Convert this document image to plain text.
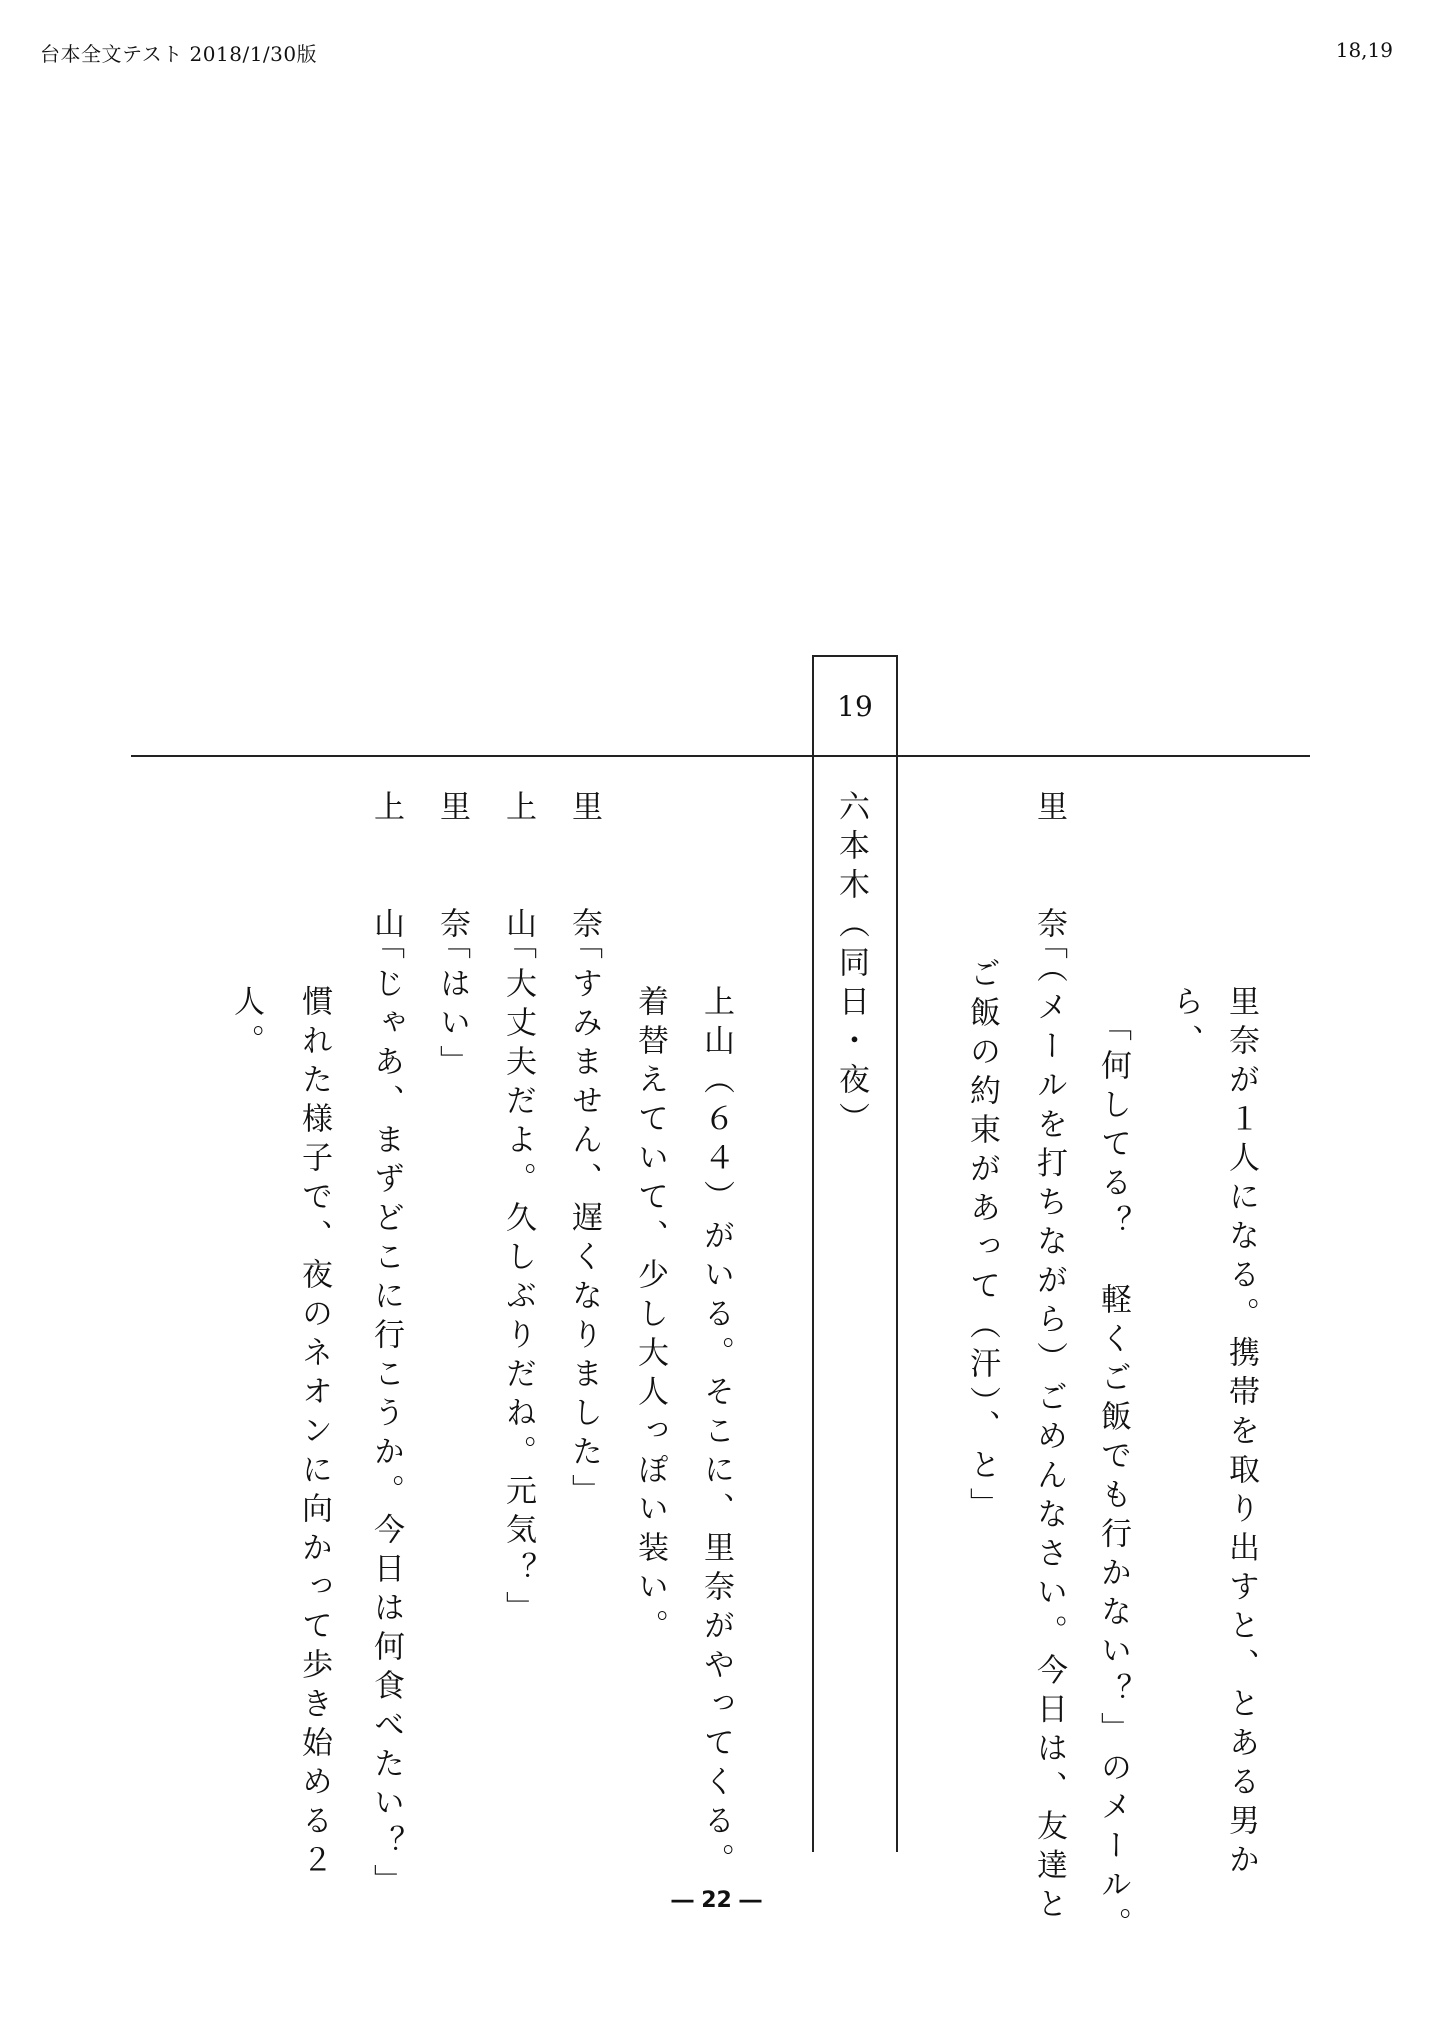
台本全文テスト 2018/1/30版	18,19
19
里奈が１人になる。携帯を取り出すと、とある男か
ら、
「何してる？　軽くご飯でも行かない？」のメール。
里　　奈
「（メールを打ちながら）ごめんなさい。今日は、友達と
ご飯の約束があって（汗）、と」
六本木（同日・夜）
上山（６４）がいる。そこに、里奈がやってくる。
着替えていて、少し大人っぽい装い。
里　　奈
「すみません、遅くなりました」
上　　山
「大丈夫だよ。久しぶりだね。元気？」
里　　奈
「はい」
上　　山
「じゃあ、まずどこに行こうか。今日は何食べたい？」
慣れた様子で、夜のネオンに向かって歩き始める２
人。
― 22 ―
